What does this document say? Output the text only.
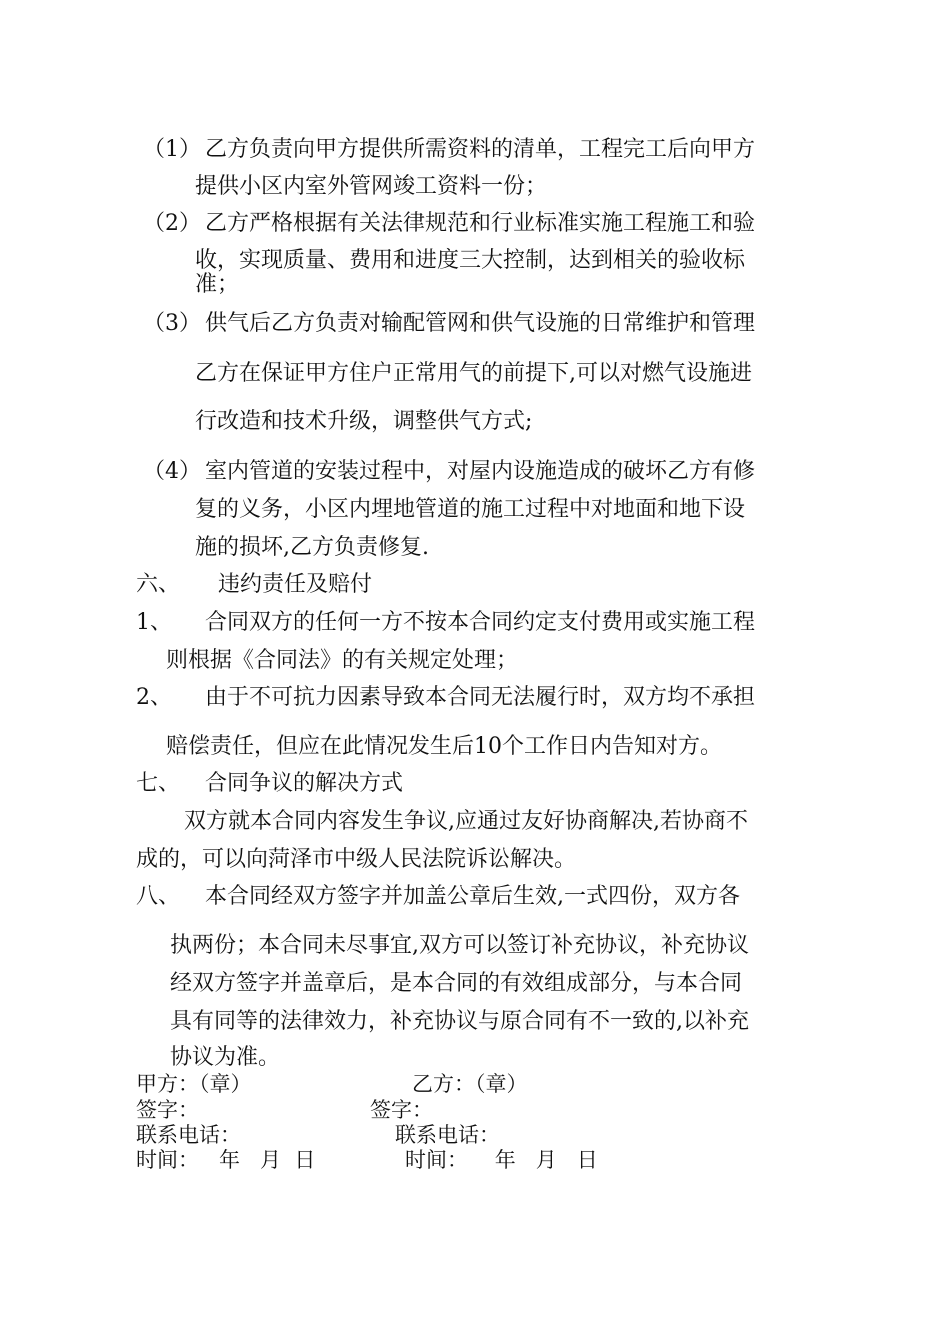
（1） 乙方负责向甲方提供所需资料的清单，工程完工后向甲方
提供小区内室外管网竣工资料一份；
（2） 乙方严格根据有关法律规范和行业标准实施工程施工和验
收，实现质量、费用和进度三大控制，达到相关的验收标
准；
（3） 供气后乙方负责对输配管网和供气设施的日常维护和管理
乙方在保证甲方住户正常用气的前提下,可以对燃气设施进
行改造和技术升级，调整供气方式;
（4） 室内管道的安装过程中，对屋内设施造成的破坏乙方有修
复的义务，小区内埋地管道的施工过程中对地面和地下设
施的损坏,乙方负责修复.
六、 违约责任及赔付
1、 合同双方的任何一方不按本合同约定支付费用或实施工程
则根据《合同法》的有关规定处理；
2、 由于不可抗力因素导致本合同无法履行时，双方均不承担
赔偿责任，但应在此情况发生后10个工作日内告知对方。
七、 合同争议的解决方式
双方就本合同内容发生争议,应通过友好协商解决,若协商不
成的，可以向菏泽市中级人民法院诉讼解决。
八、 本合同经双方签字并加盖公章后生效,一式四份，双方各
执两份；本合同未尽事宜,双方可以签订补充协议，补充协议
经双方签字并盖章后，是本合同的有效组成部分，与本合同
具有同等的法律效力，补充协议与原合同有不一致的,以补充
协议为准。
甲方：（章）	乙方：（章）
签字：	签字：
联系电话：	联系电话：
时间：   年   月  日	时间：    年   月   日
